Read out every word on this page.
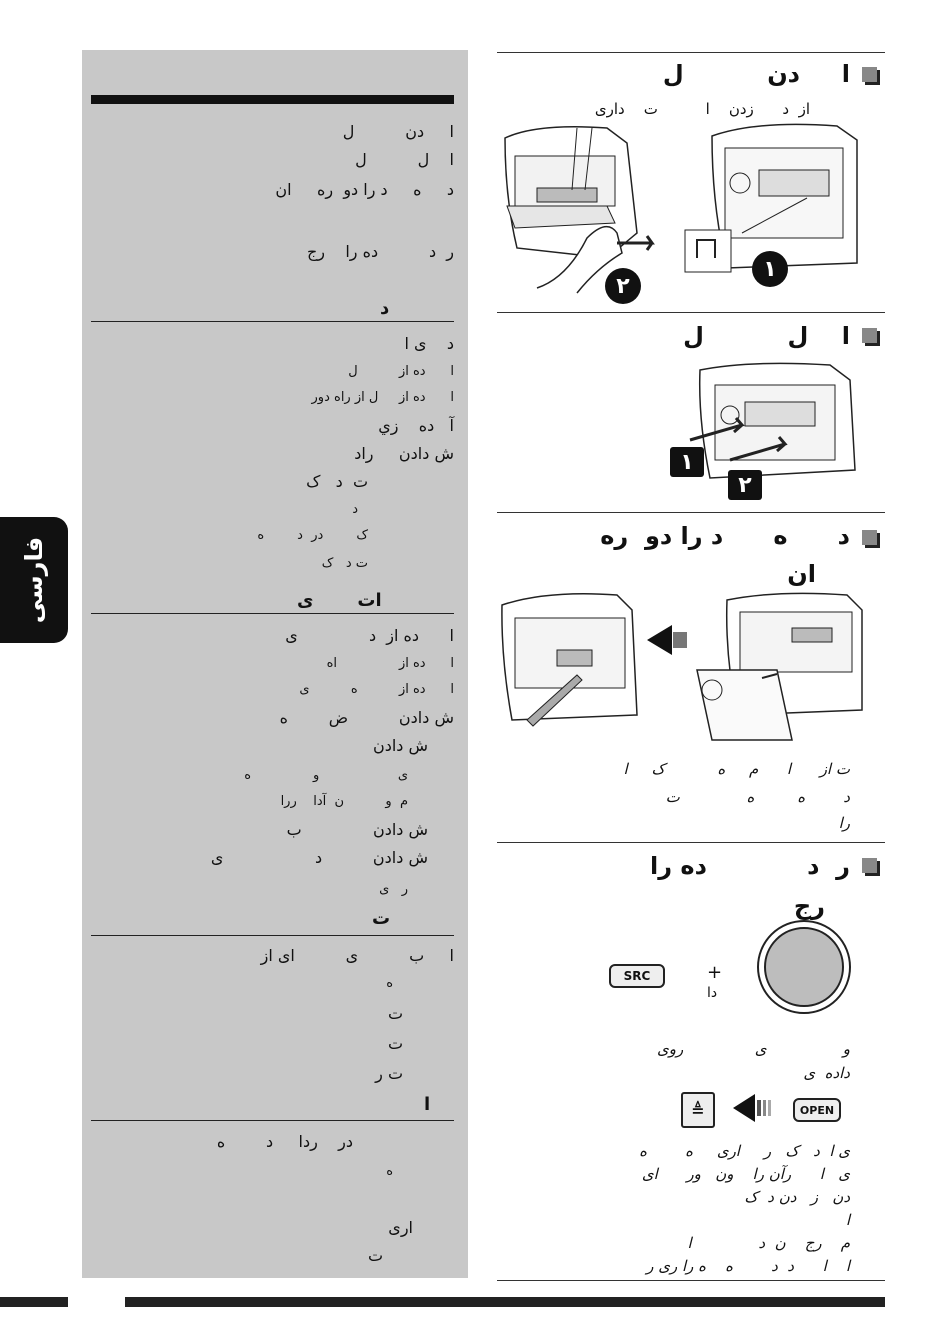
ا     دن          ل
ا    ل          ل
د     ه     د را دو  ره     ان
ر  د          ده را    رج
د
د    ی ا
ا      ده از          ل
ا      ده از     ل از راه دور
آ   ده    زي
ش دادن     راد
ت  د   ک
د
ک        در  د        ه
ت د   ک
ات       ی
ا      ده از  د              ی
ا      ده از               اه
ا      ده از          ه          ی
ش دادن          ض        ه
ش دادن
ی                   و               ه
م  و          ن  آدا    ررا
ش دادن              ب
ش دادن          د                  ی
ر   ی
ت
ا     ب          ی          ای از
ه
ت
ت
ت ر
ا
در    ردا     د        ه
ه
اری
ت
فارسی
ا     دن          ل
از  د      زدن    ا          ت    داری
۲
۱
ا    ل          ل
۱
۲
د      ه      د را دو  ره
ان
ت از      ا      م     ه           ک     ا
د        ه         ه              ت
را
ر  د            ده را
رج
SRC	+
دا
و                ی               روی
داده  ی
≜	OPEN
ی ا  د   ک   ر     اری     ه        ه
ی   ا      رآن را    ون   ور      ای
دن   ز   دن د  ک
ا
م    رج    ن  د              ا
ا    ا      د  د        ه    ه را ری ر
